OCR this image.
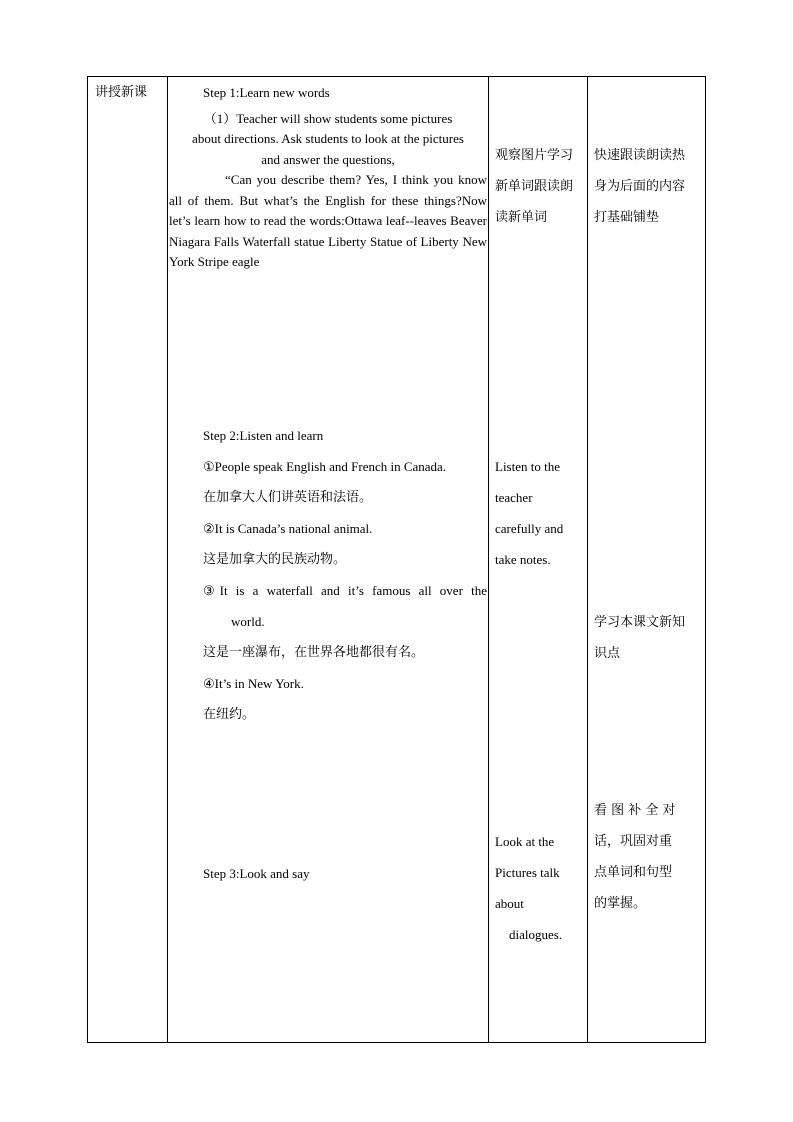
讲授新课	Step 1:Learn new words

（1）Teacher will show students some pictures

about directions. Ask students to look at the pictures

and answer the questions,

“Can you describe them? Yes, I think you know all of them. But what’s the English for these things?Now let’s learn how to read the words:Ottawa leaf--leaves Beaver Niagara Falls Waterfall statue Liberty Statue of Liberty New York Stripe eagle

观察图片学习

新单词跟读朗

读新单词

快速跟读朗读热

身为后面的内容

打基础铺垫

Step 2:Listen and learn

①People speak English and French in Canada.

在加拿大人们讲英语和法语。

②It is Canada’s national animal.

这是加拿大的民族动物。

③It is a waterfall and it’s famous all over the

world.

这是一座瀑布，在世界各地都很有名。

④It’s in New York.

在纽约。

Listen to the

teacher

carefully and

take notes.

学习本课文新知

识点

Step 3:Look and say

Look at the

Pictures talk

about

dialogues.

看 图 补 全 对

话，巩固对重

点单词和句型

的掌握。
